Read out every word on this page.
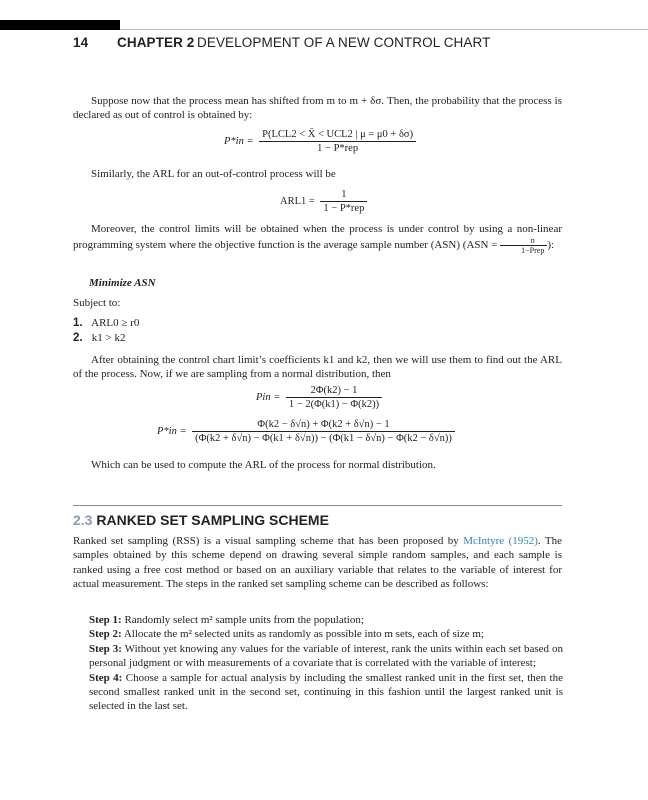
14 CHAPTER 2 DEVELOPMENT OF A NEW CONTROL CHART

Suppose now that the process mean has shifted from m to m + δσ. Then, the probability that the process is declared as out of control is obtained by:

$P*in = \frac{\text{P(LCL2 < X̄ < UCL2 | μ = μ0 + δσ)}}{\text{1 − P*rep}}$

Similarly, the ARL for an out-of-control process will be

$ARL1 = \frac{1}{\text{1 − P*rep}}$

Moreover, the control limits will be obtained when the process is under control by using a non-linear programming system where the objective function is the average sample number (ASN) ($ASN = \frac{n}{\text{1−Prep}}$ ):

Minimize ASN

Subject to:

1. ARL0 ≥ r0
2. k1 > k2

After obtaining the control chart limit’s coefficients k1 and k2, then we will use them to find out the ARL of the process. Now, if we are sampling from a normal distribution, then

Pin = $\frac{2\Phi(k2) - 1}{1 - 2(\Phi(k1) - \Phi(k2))}$
$P*in = \frac{\Phi(k2 - \delta√n) + \Phi(k2 + \delta√n) - 1}{(\Phi(k2 + \delta√n) - \Phi(k1 + \delta√n)) - (\Phi(k1 - \delta√n) - \Phi(k2 - \delta√n))}$

Which can be used to compute the ARL of the process for normal distribution.

2.3 RANKED SET SAMPLING SCHEME

Ranked set sampling (RSS) is a visual sampling scheme that has been proposed by McIntyre (1952). The samples obtained by this scheme depend on drawing several simple random samples, and each sample is ranked using a free cost method or based on an auxiliary variable that relates to the variable of interest for actual measurement. The steps in the ranked set sampling scheme can be described as follows:

Step 1: Randomly select m² sample units from the population;

Step 2: Allocate the m² selected units as randomly as possible into m sets, each of size m;

Step 3: Without yet knowing any values for the variable of interest, rank the units within each set based on personal judgment or with measurements of a covariate that is correlated with the variable of interest;

Step 4: Choose a sample for actual analysis by including the smallest ranked unit in the first set, then the second smallest ranked unit in the second set, continuing in this fashion until the largest ranked unit is selected in the last set.
